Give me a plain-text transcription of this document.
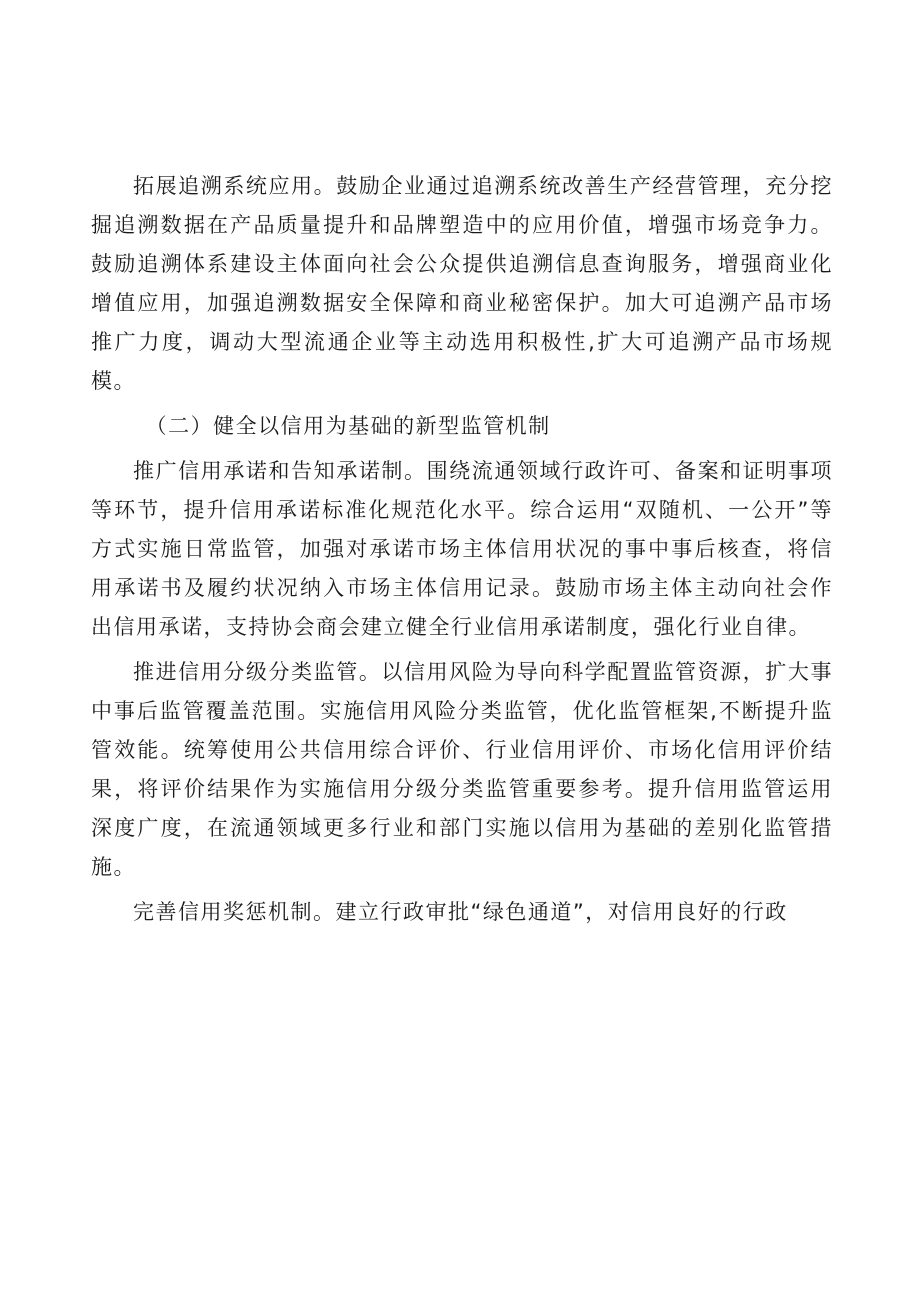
拓展追溯系统应用。鼓励企业通过追溯系统改善生产经营管理，充分挖掘追溯数据在产品质量提升和品牌塑造中的应用价值，增强市场竞争力。鼓励追溯体系建设主体面向社会公众提供追溯信息查询服务，增强商业化增值应用，加强追溯数据安全保障和商业秘密保护。加大可追溯产品市场推广力度，调动大型流通企业等主动选用积极性,扩大可追溯产品市场规模。

（二）健全以信用为基础的新型监管机制

推广信用承诺和告知承诺制。围绕流通领域行政许可、备案和证明事项等环节，提升信用承诺标准化规范化水平。综合运用“双随机、一公开”等方式实施日常监管，加强对承诺市场主体信用状况的事中事后核查，将信用承诺书及履约状况纳入市场主体信用记录。鼓励市场主体主动向社会作出信用承诺，支持协会商会建立健全行业信用承诺制度，强化行业自律。

推进信用分级分类监管。以信用风险为导向科学配置监管资源，扩大事中事后监管覆盖范围。实施信用风险分类监管，优化监管框架,不断提升监管效能。统筹使用公共信用综合评价、行业信用评价、市场化信用评价结果，将评价结果作为实施信用分级分类监管重要参考。提升信用监管运用深度广度，在流通领域更多行业和部门实施以信用为基础的差别化监管措施。

完善信用奖惩机制。建立行政审批“绿色通道”，对信用良好的行政
